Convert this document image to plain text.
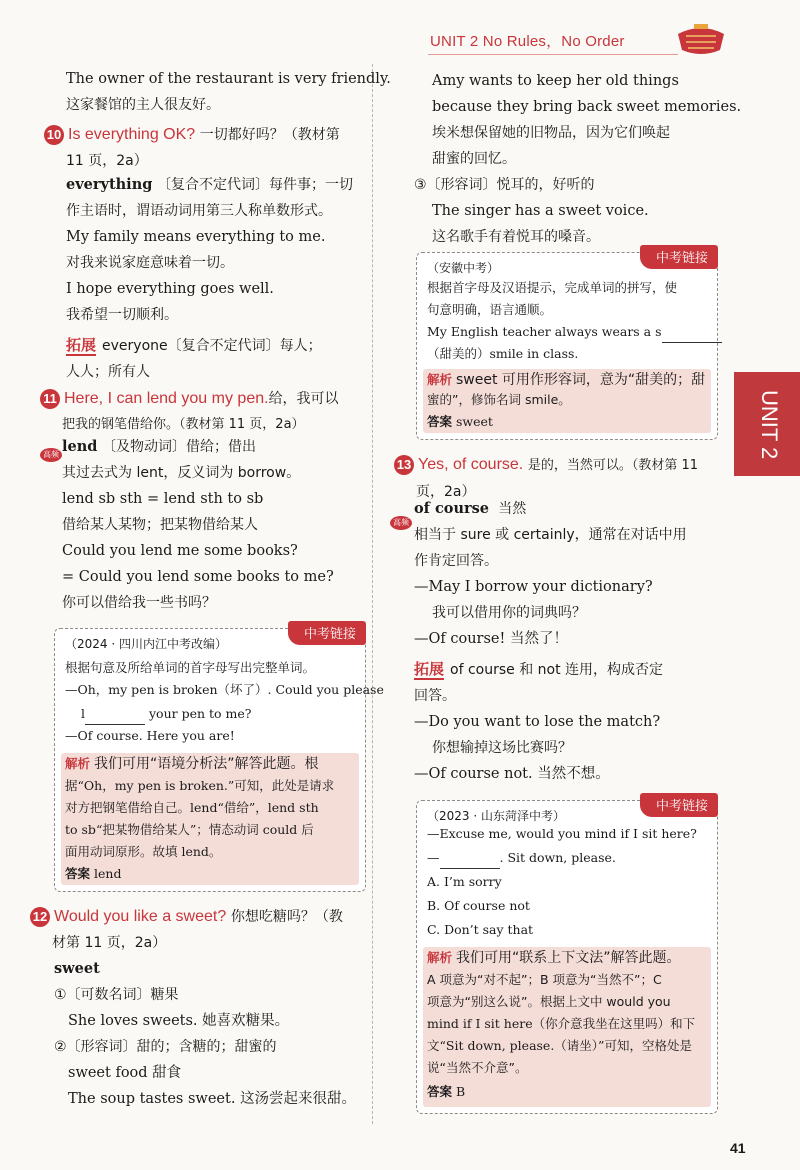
UNIT 2 No Rules，No Order
UNIT 2
The owner of the restaurant is very friendly.
这家餐馆的主人很友好。
10 Is everything OK? 一切都好吗？（教材第
11 页，2a）
everything 〔复合不定代词〕每件事；一切
作主语时，谓语动词用第三人称单数形式。
My family means everything to me.
对我来说家庭意味着一切。
I hope everything goes well.
我希望一切顺利。
拓展 everyone〔复合不定代词〕每人；
人人；所有人
11 Here, I can lend you my pen.给，我可以
把我的钢笔借给你。（教材第 11 页，2a）
高频 lend 〔及物动词〕借给；借出
其过去式为 lent，反义词为 borrow。
lend sb sth = lend sth to sb
借给某人某物；把某物借给某人
Could you lend me some books?
= Could you lend some books to me?
你可以借给我一些书吗？
（2024 · 四川内江中考改编）
中考链接
根据句意及所给单词的首字母写出完整单词。
—Oh，my pen is broken（坏了）. Could you please
l	your pen to me?
—Of course. Here you are!
解析 我们可用“语境分析法”解答此题。根
据“Oh，my pen is broken.”可知，此处是请求
对方把钢笔借给自己。lend“借给”，lend sth
to sb“把某物借给某人”；情态动词 could 后
面用动词原形。故填 lend。
答案 lend
12 Would you like a sweet? 你想吃糖吗？（教
材第 11 页，2a）
sweet
①〔可数名词〕糖果
She loves sweets. 她喜欢糖果。
②〔形容词〕甜的；含糖的；甜蜜的
sweet food 甜食
The soup tastes sweet. 这汤尝起来很甜。
Amy wants to keep her old things
because they bring back sweet memories.
埃米想保留她的旧物品，因为它们唤起
甜蜜的回忆。
③〔形容词〕悦耳的，好听的
The singer has a sweet voice.
这名歌手有着悦耳的嗓音。
（安徽中考）
中考链接
根据首字母及汉语提示，完成单词的拼写，使
句意明确，语言通顺。
My English teacher always wears a s
（甜美的）smile in class.
解析 sweet 可用作形容词，意为“甜美的；甜
蜜的”，修饰名词 smile。
答案 sweet
13 Yes, of course. 是的，当然可以。（教材第 11
页，2a）
高频
of course 当然
相当于 sure 或 certainly，通常在对话中用
作肯定回答。
—May I borrow your dictionary?
我可以借用你的词典吗？
—Of course! 当然了！
拓展 of course 和 not 连用，构成否定
回答。
—Do you want to lose the match?
你想输掉这场比赛吗？
—Of course not. 当然不想。
（2023 · 山东菏泽中考）
中考链接
—Excuse me, would you mind if I sit here?
—	. Sit down, please.
A. I’m sorry
B. Of course not
C. Don’t say that
解析 我们可用“联系上下文法”解答此题。
A 项意为“对不起”；B 项意为“当然不”；C
项意为“别这么说”。根据上文中 would you
mind if I sit here（你介意我坐在这里吗）和下
文“Sit down, please.（请坐）”可知，空格处是
说“当然不介意”。
答案 B
41
